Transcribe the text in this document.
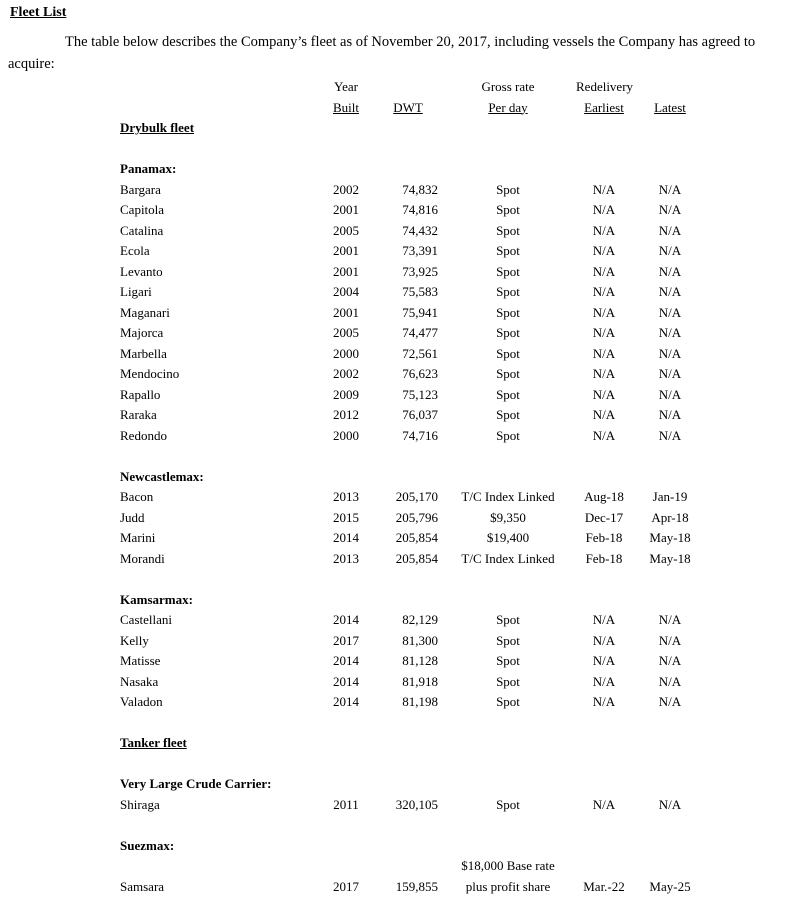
Fleet List

The table below describes the Company’s fleet as of November 20, 2017, including vessels the Company has agreed to acquire:

Year	Gross rate	Redelivery
Built	DWT	Per day	Earliest	Latest
Drybulk fleet
Panamax:
Bargara	2002	74,832	Spot	N/A	N/A
Capitola	2001	74,816	Spot	N/A	N/A
Catalina	2005	74,432	Spot	N/A	N/A
Ecola	2001	73,391	Spot	N/A	N/A
Levanto	2001	73,925	Spot	N/A	N/A
Ligari	2004	75,583	Spot	N/A	N/A
Maganari	2001	75,941	Spot	N/A	N/A
Majorca	2005	74,477	Spot	N/A	N/A
Marbella	2000	72,561	Spot	N/A	N/A
Mendocino	2002	76,623	Spot	N/A	N/A
Rapallo	2009	75,123	Spot	N/A	N/A
Raraka	2012	76,037	Spot	N/A	N/A
Redondo	2000	74,716	Spot	N/A	N/A
Newcastlemax:
Bacon	2013	205,170	T/C Index Linked	Aug-18	Jan-19
Judd	2015	205,796	$9,350	Dec-17	Apr-18
Marini	2014	205,854	$19,400	Feb-18	May-18
Morandi	2013	205,854	T/C Index Linked	Feb-18	May-18
Kamsarmax:
Castellani	2014	82,129	Spot	N/A	N/A
Kelly	2017	81,300	Spot	N/A	N/A
Matisse	2014	81,128	Spot	N/A	N/A
Nasaka	2014	81,918	Spot	N/A	N/A
Valadon	2014	81,198	Spot	N/A	N/A
Tanker fleet
Very Large Crude Carrier:
Shiraga	2011	320,105	Spot	N/A	N/A
Suezmax:
$18,000 Base rate
Samsara	2017	159,855	plus profit share	Mar.-22	May-25
